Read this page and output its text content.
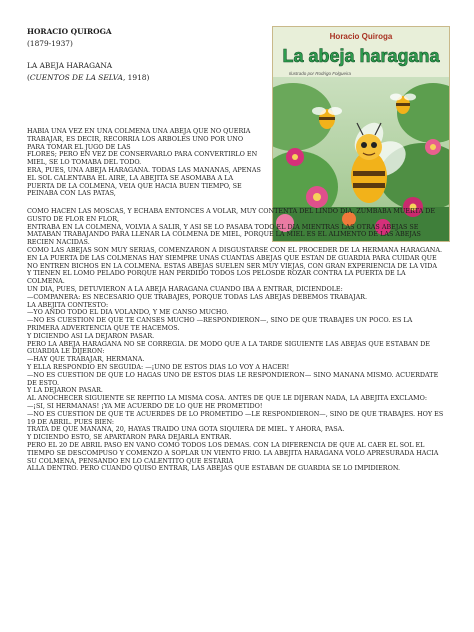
HORACIO QUIROGA
(1879-1937)
LA ABEJA HARAGANA
(CUENTOS DE LA SELVA, 1918)
Horacio Quiroga
La abeja haragana
Ilustrado por Rodrigo Folgueira
HABÍA UNA VEZ EN UNA COLMENA UNA ABEJA QUE NO QUERÍA
TRABAJAR, ES DECIR, RECORRÍA LOS ÁRBOLES UNO POR UNO
PARA TOMAR EL JUGO DE LAS
FLORES; PERO EN VEZ DE CONSERVARLO PARA CONVERTIRLO EN
MIEL, SE LO TOMABA DEL TODO.
ERA, PUES, UNA ABEJA HARAGANA. TODAS LAS MAÑANAS, APENAS
EL SOL CALENTABA EL AIRE, LA ABEJITA SE ASOMABA A LA
PUERTA DE LA COLMENA, VEÍA QUE HACÍA BUEN TIEMPO, SE
PEINABA CON LAS PATAS,
COMO HACEN LAS MOSCAS, Y ECHABA ENTONCES A VOLAR, MUY CONTENTA DEL LINDO DÍA. ZUMBABA MUERTA DE
GUSTO DE FLOR EN FLOR,
ENTRABA EN LA COLMENA, VOLVÍA A SALIR, Y ASÍ SE LO PASABA TODO EL DÍA MIENTRAS LAS OTRAS ABEJAS SE
MATABAN TRABAJANDO PARA LLENAR LA COLMENA DE MIEL, PORQUE LA MIEL ES EL ALIMENTO DE LAS ABEJAS
RECIÉN NACIDAS.
COMO LAS ABEJAS SON MUY SERIAS, COMENZARON A DISGUSTARSE CON EL PROCEDER DE LA HERMANA HARAGANA.
EN LA PUERTA DE LAS COLMENAS HAY SIEMPRE UNAS CUANTAS ABEJAS QUE ESTÁN DE GUARDIA PARA CUIDAR QUE
NO ENTREN BICHOS EN LA COLMENA. ESTAS ABEJAS SUELEN SER MUY VIEJAS, CON GRAN EXPERIENCIA DE LA VIDA
Y TIENEN EL LOMO PELADO PORQUE HAN PERDIDO TODOS LOS PELOSDE ROZAR CONTRA LA PUERTA DE LA
COLMENA.
UN DÍA, PUES, DETUVIERON A LA ABEJA HARAGANA CUANDO IBA A ENTRAR, DICIÉNDOLE:
—COMPAÑERA: ES NECESARIO QUE TRABAJES, PORQUE TODAS LAS ABEJAS DEBEMOS TRABAJAR.
LA ABEJITA CONTESTÓ:
—YO ANDO TODO EL DÍA VOLANDO, Y ME CANSO MUCHO.
—NO ES CUESTIÓN DE QUE TE CANSES MUCHO —RESPONDIERON—, SINO DE QUE TRABAJES UN POCO. ES LA
PRIMERA ADVERTENCIA QUE TE HACEMOS.
Y DICIENDO ASÍ LA DEJARON PASAR.
PERO LA ABEJA HARAGANA NO SE CORREGÍA. DE MODO QUE A LA TARDE SIGUIENTE LAS ABEJAS QUE ESTABAN DE
GUARDIA LE DIJERON:
—HAY QUE TRABAJAR, HERMANA.
Y ELLA RESPONDIÓ EN SEGUIDA: —¡UNO DE ESTOS DÍAS LO VOY A HACER!
—NO ES CUESTIÓN DE QUE LO HAGAS UNO DE ESTOS DÍAS LE RESPONDIERON— SINO MAÑANA MISMO. ACUÉRDATE
DE ESTO.
Y LA DEJARON PASAR.
AL ANOCHECER SIGUIENTE SE REPITIÓ LA MISMA COSA. ANTES DE QUE LE DIJERAN NADA, LA ABEJITA EXCLAMÓ:
—¡SÍ, SÍ HERMANAS! ¡YA ME ACUERDO DE LO QUE HE PROMETIDO!
—NO ES CUESTIÓN DE QUE TE ACUERDES DE LO PROMETIDO —LE RESPONDIERON—, SINO DE QUE TRABAJES. HOY ES
19 DE ABRIL. PUES BIEN:
TRATA DE QUE MAÑANA, 20, HAYAS TRAÍDO UNA GOTA SIQUIERA DE MIEL. Y AHORA, PASA.
Y DICIENDO ESTO, SE APARTARON PARA DEJARLA ENTRAR.
PERO EL 20 DE ABRIL PASÓ EN VANO COMO TODOS LOS DEMÁS. CON LA DIFERENCIA DE QUE AL CAER EL SOL EL
TIEMPO SE DESCOMPUSO Y COMENZÓ A SOPLAR UN VIENTO FRÍO. LA ABEJITA HARAGANA VOLÓ APRESURADA HACIA
SU COLMENA, PENSANDO EN LO CALENTITO QUE ESTARÍA
ALLÁ DENTRO. PERO CUANDO QUISO ENTRAR, LAS ABEJAS QUE ESTABAN DE GUARDIA SE LO IMPIDIERON.
